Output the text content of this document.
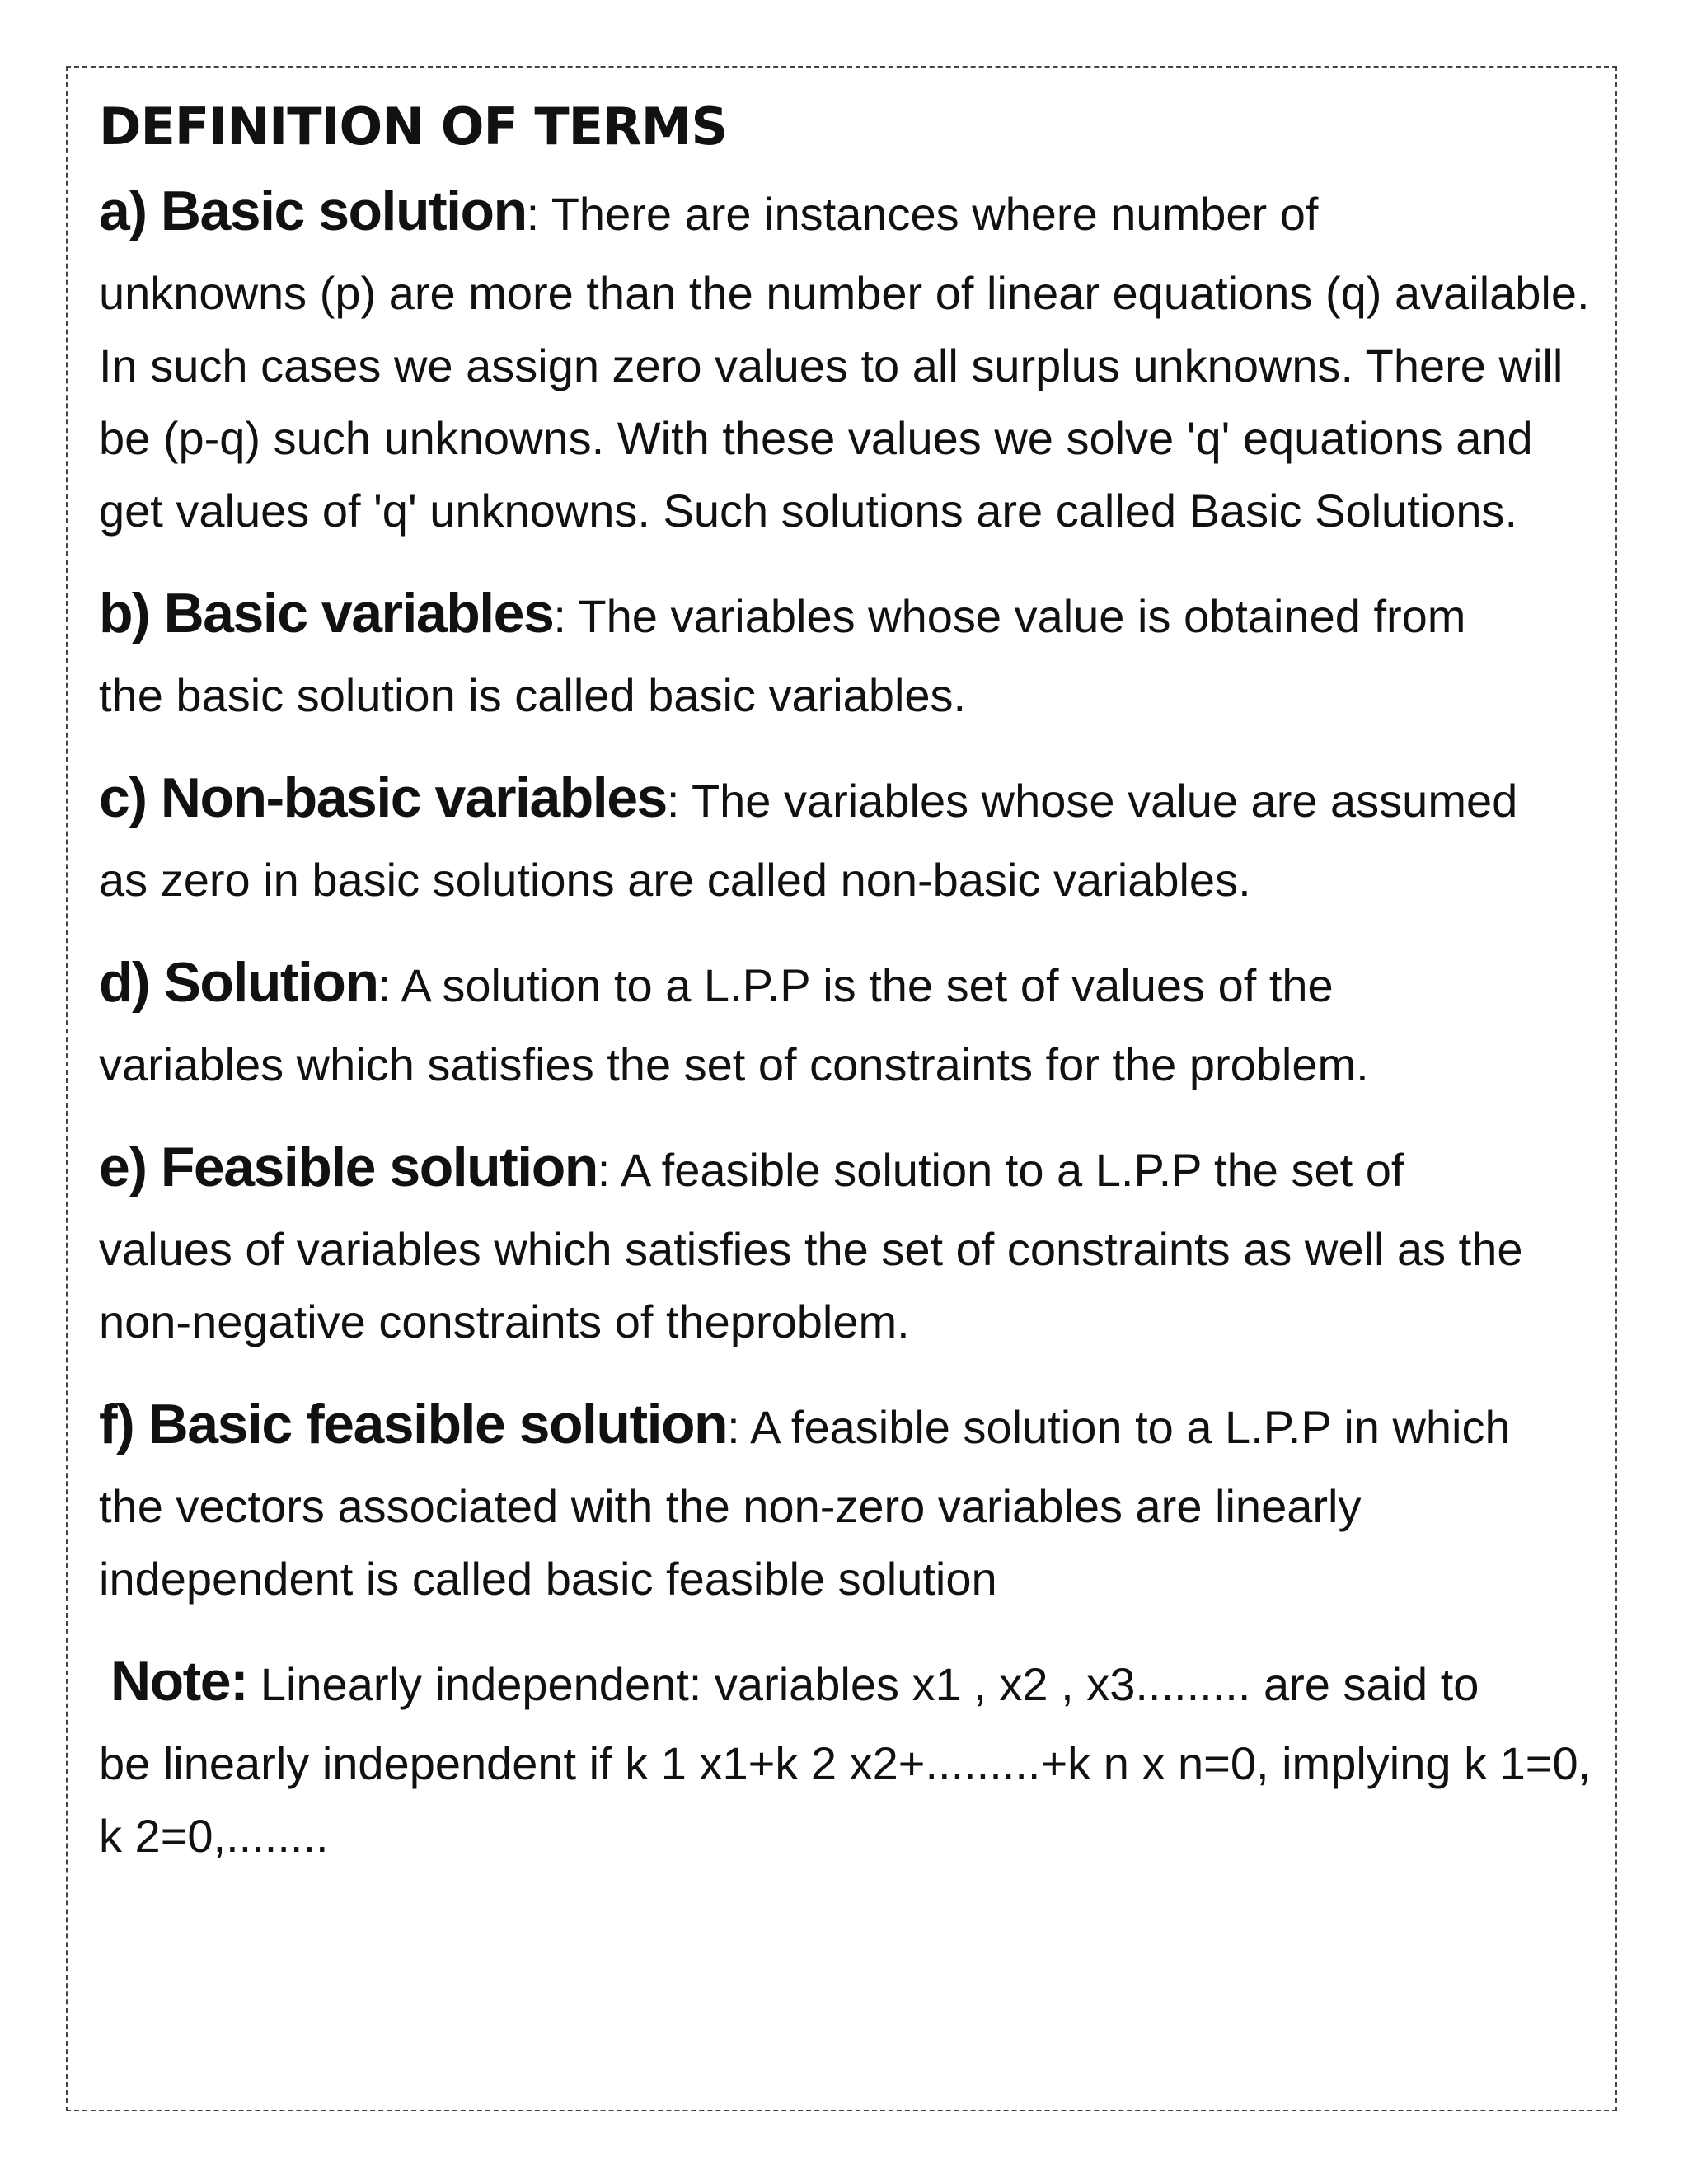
DEFINITION OF TERMS
a) Basic solution: There are instances where number of
unknowns (p) are more than the number of linear equations (q) available. In such cases we assign zero values to all surplus unknowns. There will be (p-q) such unknowns. With these values we solve 'q' equations and get values of 'q' unknowns. Such solutions are called Basic Solutions.
b) Basic variables: The variables whose value is obtained from
the basic solution is called basic variables.
c) Non-basic variables: The variables whose value are assumed
as zero in basic solutions are called non-basic variables.
d) Solution: A solution to a L.P.P is the set of values of the
variables which satisfies the set of constraints for the problem.
e) Feasible solution: A feasible solution to a L.P.P the set of
values of variables which satisfies the set of constraints as well as the non-negative constraints of theproblem.
f) Basic feasible solution: A feasible solution to a L.P.P in which
the vectors associated with the non-zero variables are linearly independent is called basic feasible solution
Note: Linearly independent: variables x1 , x2 , x3......... are said to
be linearly independent if k 1 x1+k 2 x2+.........+k n x n=0, implying k 1=0, k 2=0,........
